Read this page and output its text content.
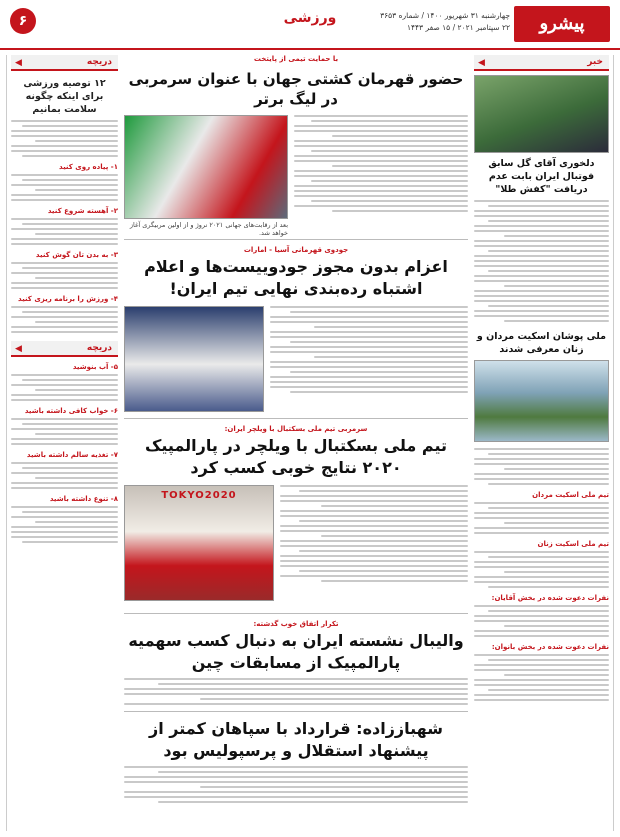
۶	ورزشی	پیشرو
چهارشنبه ۳۱ شهریور ۱۴۰۰ / شماره ۳۶۵۳
۲۲ سپتامبر ۲۰۲۱ / ۱۵ صفر ۱۴۴۳
خبر
◀
دلخوری آقای گل سابق فوتبال ایران بابت عدم دریافت "کفش طلا"
ملی پوشان اسکیت مردان و زنان معرفی شدند
تیم ملی اسکیت مردان
تیم ملی اسکیت زنان
نفرات دعوت شده در بخش آقایان:
نفرات دعوت شده در بخش بانوان:
با حمایت تیمی از پایتخت
حضور قهرمان کشتی جهان با عنوان سرمربی در لیگ برتر
بعد از رقابت‌های جهانی ۲۰۲۱ نروژ و از اولین مربیگری آغاز خواهد شد.
جودوی قهرمانی آسیا - امارات
اعزام بدون مجوز جودوییست‌ها و اعلام اشتباه رده‌بندی نهایی تیم ایران!
سرمربی تیم ملی بسکتبال با ویلچر ایران:
تیم ملی بسکتبال با ویلچر در پارالمپیک ۲۰۲۰ نتایج خوبی کسب کرد
TOKYO2020
تکرار اتفاق خوب گذشته:
والیبال نشسته ایران به دنبال کسب سهمیه پارالمپیک از مسابقات چین
شهباززاده: قرارداد با سپاهان کمتر از پیشنهاد استقلال و پرسپولیس بود
دریچه
◀
۱۲ توصیه ورزشی برای اینکه چگونه سلامت بمانیم
۱- پیاده روی کنید
۲- آهسته شروع کنید
۳- به بدن تان گوش کنید
۴- ورزش را برنامه ریزی کنید
دریچه
◀
۵- آب بنوشید
۶- خواب کافی داشته باشید
۷- تغذیه سالم داشته باشید
۸- تنوع داشته باشید
